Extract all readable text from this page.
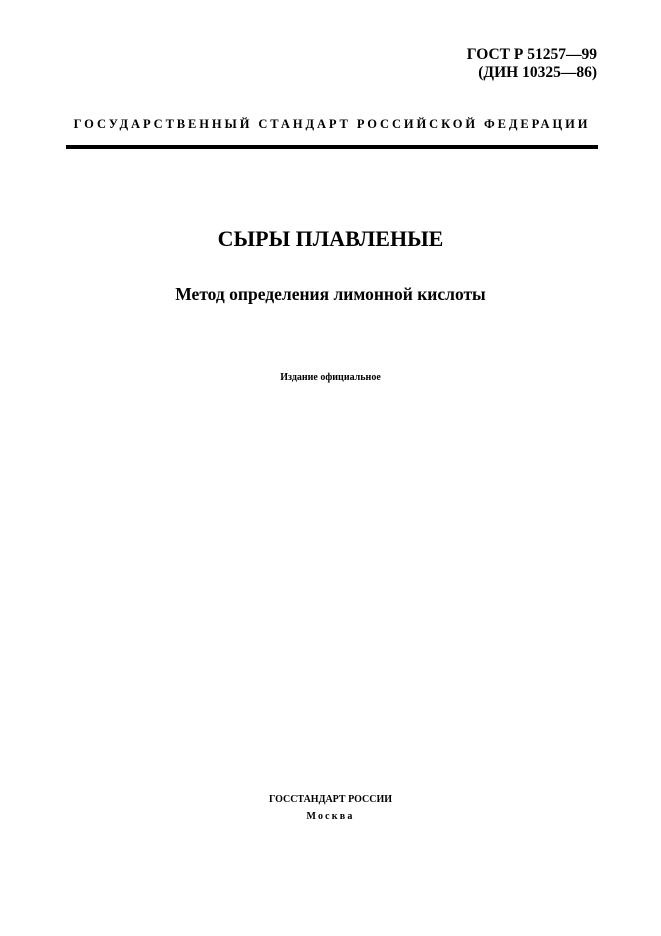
ГОСТ Р 51257—99
(ДИН 10325—86)
ГОСУДАРСТВЕННЫЙ СТАНДАРТ РОССИЙСКОЙ ФЕДЕРАЦИИ
СЫРЫ ПЛАВЛЕНЫЕ
Метод определения лимонной кислоты
Издание официальное
ГОССТАНДАРТ РОССИИ
Москва
